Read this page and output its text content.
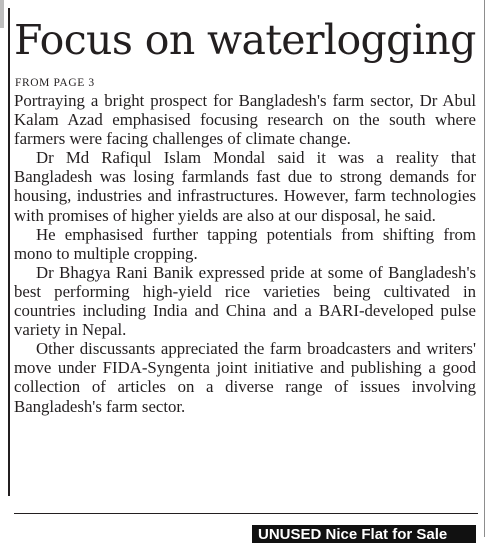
Focus on waterlogging
FROM PAGE 3

Portraying a bright prospect for Bangladesh's farm sector, Dr Abul Kalam Azad emphasised focusing research on the south where farmers were facing challenges of climate change.

Dr Md Rafiqul Islam Mondal said it was a reality that Bangladesh was losing farmlands fast due to strong demands for housing, industries and infrastructures. However, farm technologies with promises of higher yields are also at our disposal, he said.

He emphasised further tapping potentials from shifting from mono to multiple cropping.

Dr Bhagya Rani Banik expressed pride at some of Bangladesh's best performing high-yield rice varieties being cultivated in countries including India and China and a BARI-developed pulse variety in Nepal.

Other discussants appreciated the farm broadcasters and writers' move under FIDA-Syngenta joint initiative and publishing a good collection of articles on a diverse range of issues involving Bangladesh's farm sector.

UNUSED Nice Flat for Sale
